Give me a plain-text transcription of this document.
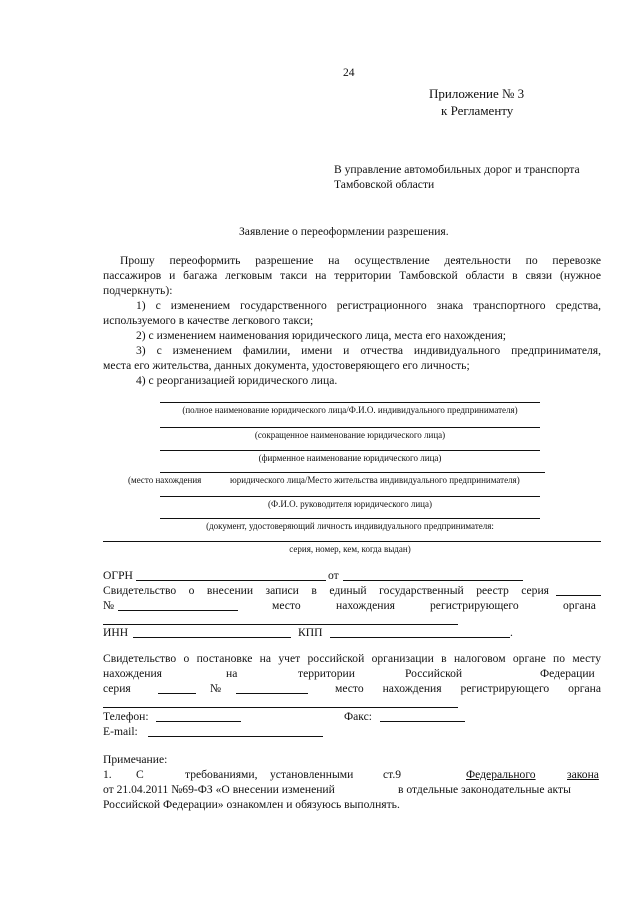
24
Приложение № 3
к Регламенту
В управление автомобильных дорог и транспорта
Тамбовской области
Заявление о переоформлении разрешения.
Прошу переоформить разрешение на осуществление деятельности по перевозке
пассажиров и багажа легковым такси на территории Тамбовской области в связи (нужное
подчеркнуть):
1) с изменением государственного регистрационного знака транспортного средства,
используемого в качестве легкового такси;
2) с изменением наименования юридического лица, места его нахождения;
3) с изменением фамилии, имени и отчества индивидуального предпринимателя,
места его жительства, данных документа, удостоверяющего его личность;
4) с реорганизацией юридического лица.
(полное наименование юридического лица/Ф.И.О. индивидуального предпринимателя)
(сокращенное наименование юридического лица)
(фирменное наименование юридического лица)
(место нахождения	юридического лица/Место жительства индивидуального предпринимателя)
(Ф.И.О. руководителя юридического лица)
(документ, удостоверяющий личность индивидуального предпринимателя:
серия, номер, кем, когда выдан)
ОГРН	от
Свидетельство о внесении записи в единый государственный реестр серия
№	место	нахождения	регистрирующего	органа
ИНН	КПП	.
Свидетельство о постановке на учет российской организации в налоговом органе по месту
нахождения	на	территории	Российской	Федерации
серия	№	место нахождения регистрирующего органа
Телефон:	Факс:
E-mail:
Примечание:
1. С	требованиями, установленными	ст.9	Федерального	закона
от 21.04.2011 №69-ФЗ «О внесении изменений	в отдельные законодательные акты
Российской Федерации» ознакомлен и обязуюсь выполнять.
